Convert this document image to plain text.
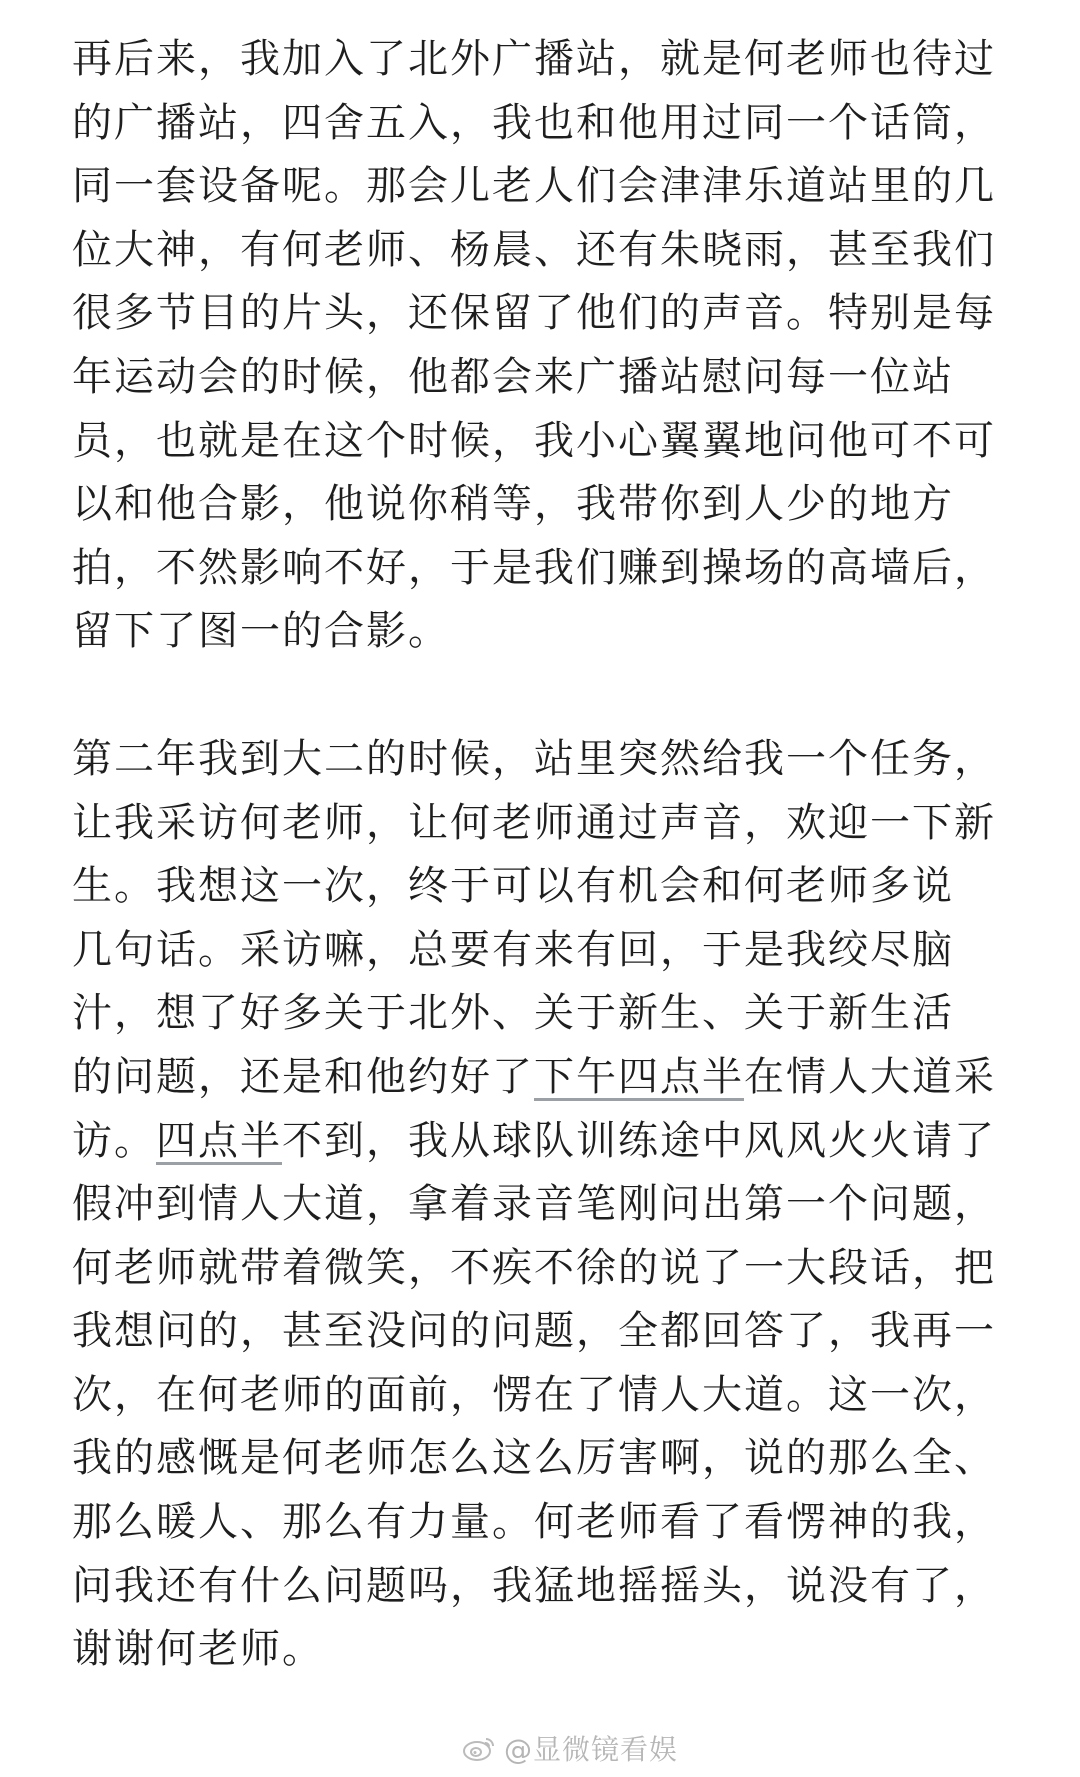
再后来，我加入了北外广播站，就是何老师也待过
的广播站，四舍五入，我也和他用过同一个话筒，
同一套设备呢。那会儿老人们会津津乐道站里的几
位大神，有何老师、杨晨、还有朱晓雨，甚至我们
很多节目的片头，还保留了他们的声音。特别是每
年运动会的时候，他都会来广播站慰问每一位站
员，也就是在这个时候，我小心翼翼地问他可不可
以和他合影，他说你稍等，我带你到人少的地方
拍，不然影响不好，于是我们赚到操场的高墙后，
留下了图一的合影。

第二年我到大二的时候，站里突然给我一个任务，
让我采访何老师，让何老师通过声音，欢迎一下新
生。我想这一次，终于可以有机会和何老师多说
几句话。采访嘛，总要有来有回，于是我绞尽脑
汁，想了好多关于北外、关于新生、关于新生活
的问题，还是和他约好了下午四点半在情人大道采
访。四点半不到，我从球队训练途中风风火火请了
假冲到情人大道，拿着录音笔刚问出第一个问题，
何老师就带着微笑，不疾不徐的说了一大段话，把
我想问的，甚至没问的问题，全都回答了，我再一
次，在何老师的面前，愣在了情人大道。这一次，
我的感慨是何老师怎么这么厉害啊，说的那么全、
那么暖人、那么有力量。何老师看了看愣神的我，
问我还有什么问题吗，我猛地摇摇头，说没有了，
谢谢何老师。

@显微镜看娱
